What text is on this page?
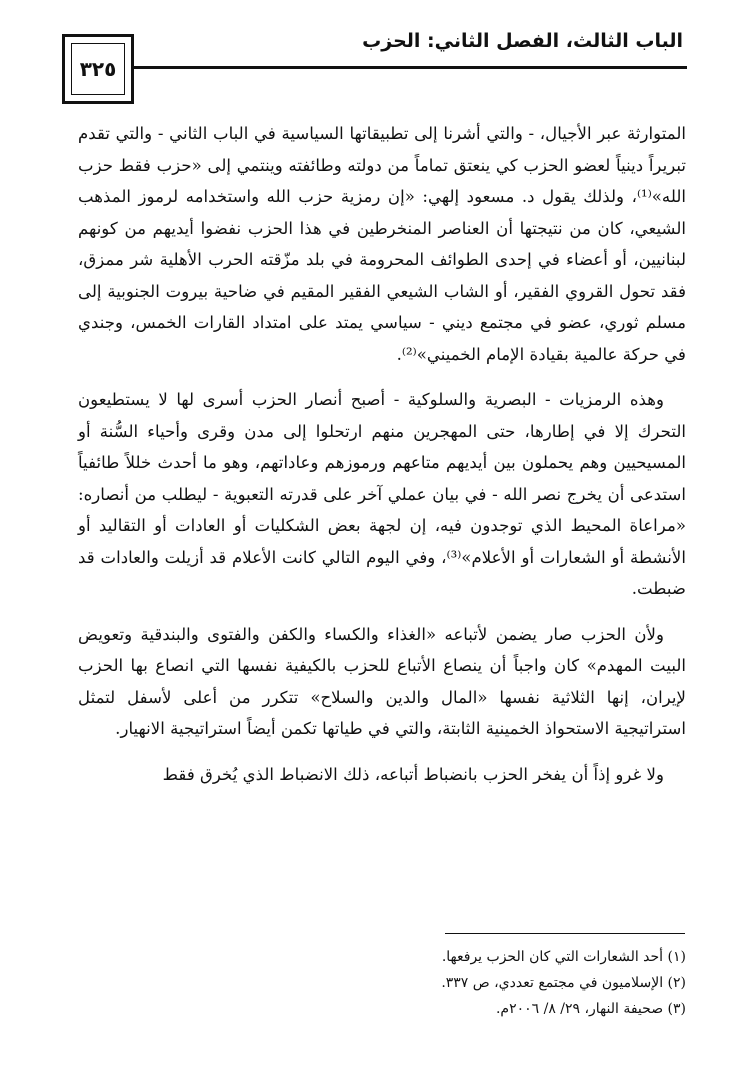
٣٢٥
الباب الثالث، الفصل الثاني: الحزب

المتوارثة عبر الأجيال، - والتي أشرنا إلى تطبيقاتها السياسية في الباب الثاني - والتي تقدم تبريراً دينياً لعضو الحزب كي ينعتق تماماً من دولته وطائفته وينتمي إلى «حزب فقط حزب الله»⁽¹⁾، ولذلك يقول د. مسعود إلهي: «إن رمزية حزب الله واستخدامه لرموز المذهب الشيعي، كان من نتيجتها أن العناصر المنخرطين في هذا الحزب نفضوا أيديهم من كونهم لبنانيين، أو أعضاء في إحدى الطوائف المحرومة في بلد مزّقته الحرب الأهلية شر ممزق، فقد تحول القروي الفقير، أو الشاب الشيعي الفقير المقيم في ضاحية بيروت الجنوبية إلى مسلم ثوري، عضو في مجتمع ديني - سياسي يمتد على امتداد القارات الخمس، وجندي في حركة عالمية بقيادة الإمام الخميني»⁽²⁾.

وهذه الرمزيات - البصرية والسلوكية - أصبح أنصار الحزب أسرى لها لا يستطيعون التحرك إلا في إطارها، حتى المهجرين منهم ارتحلوا إلى مدن وقرى وأحياء السُّنة أو المسيحيين وهم يحملون بين أيديهم متاعهم ورموزهم وعاداتهم، وهو ما أحدث خللاً طائفياً استدعى أن يخرج نصر الله - في بيان عملي آخر على قدرته التعبوية - ليطلب من أنصاره: «مراعاة المحيط الذي توجدون فيه، إن لجهة بعض الشكليات أو العادات أو التقاليد أو الأنشطة أو الشعارات أو الأعلام»⁽³⁾، وفي اليوم التالي كانت الأعلام قد أزيلت والعادات قد ضبطت.

ولأن الحزب صار يضمن لأتباعه «الغذاء والكساء والكفن والفتوى والبندقية وتعويض البيت المهدم» كان واجباً أن ينصاع الأتباع للحزب بالكيفية نفسها التي انصاع بها الحزب لإيران، إنها الثلاثية نفسها «المال والدين والسلاح» تتكرر من أعلى لأسفل لتمثل استراتيجية الاستحواذ الخمينية الثابتة، والتي في طياتها تكمن أيضاً استراتيجية الانهيار.

ولا غرو إذاً أن يفخر الحزب بانضباط أتباعه، ذلك الانضباط الذي يُخرق فقط

(١) أحد الشعارات التي كان الحزب يرفعها.
(٢) الإسلاميون في مجتمع تعددي، ص ٣٣٧.
(٣) صحيفة النهار، ٢٩/ ٨/ ٢٠٠٦م.
